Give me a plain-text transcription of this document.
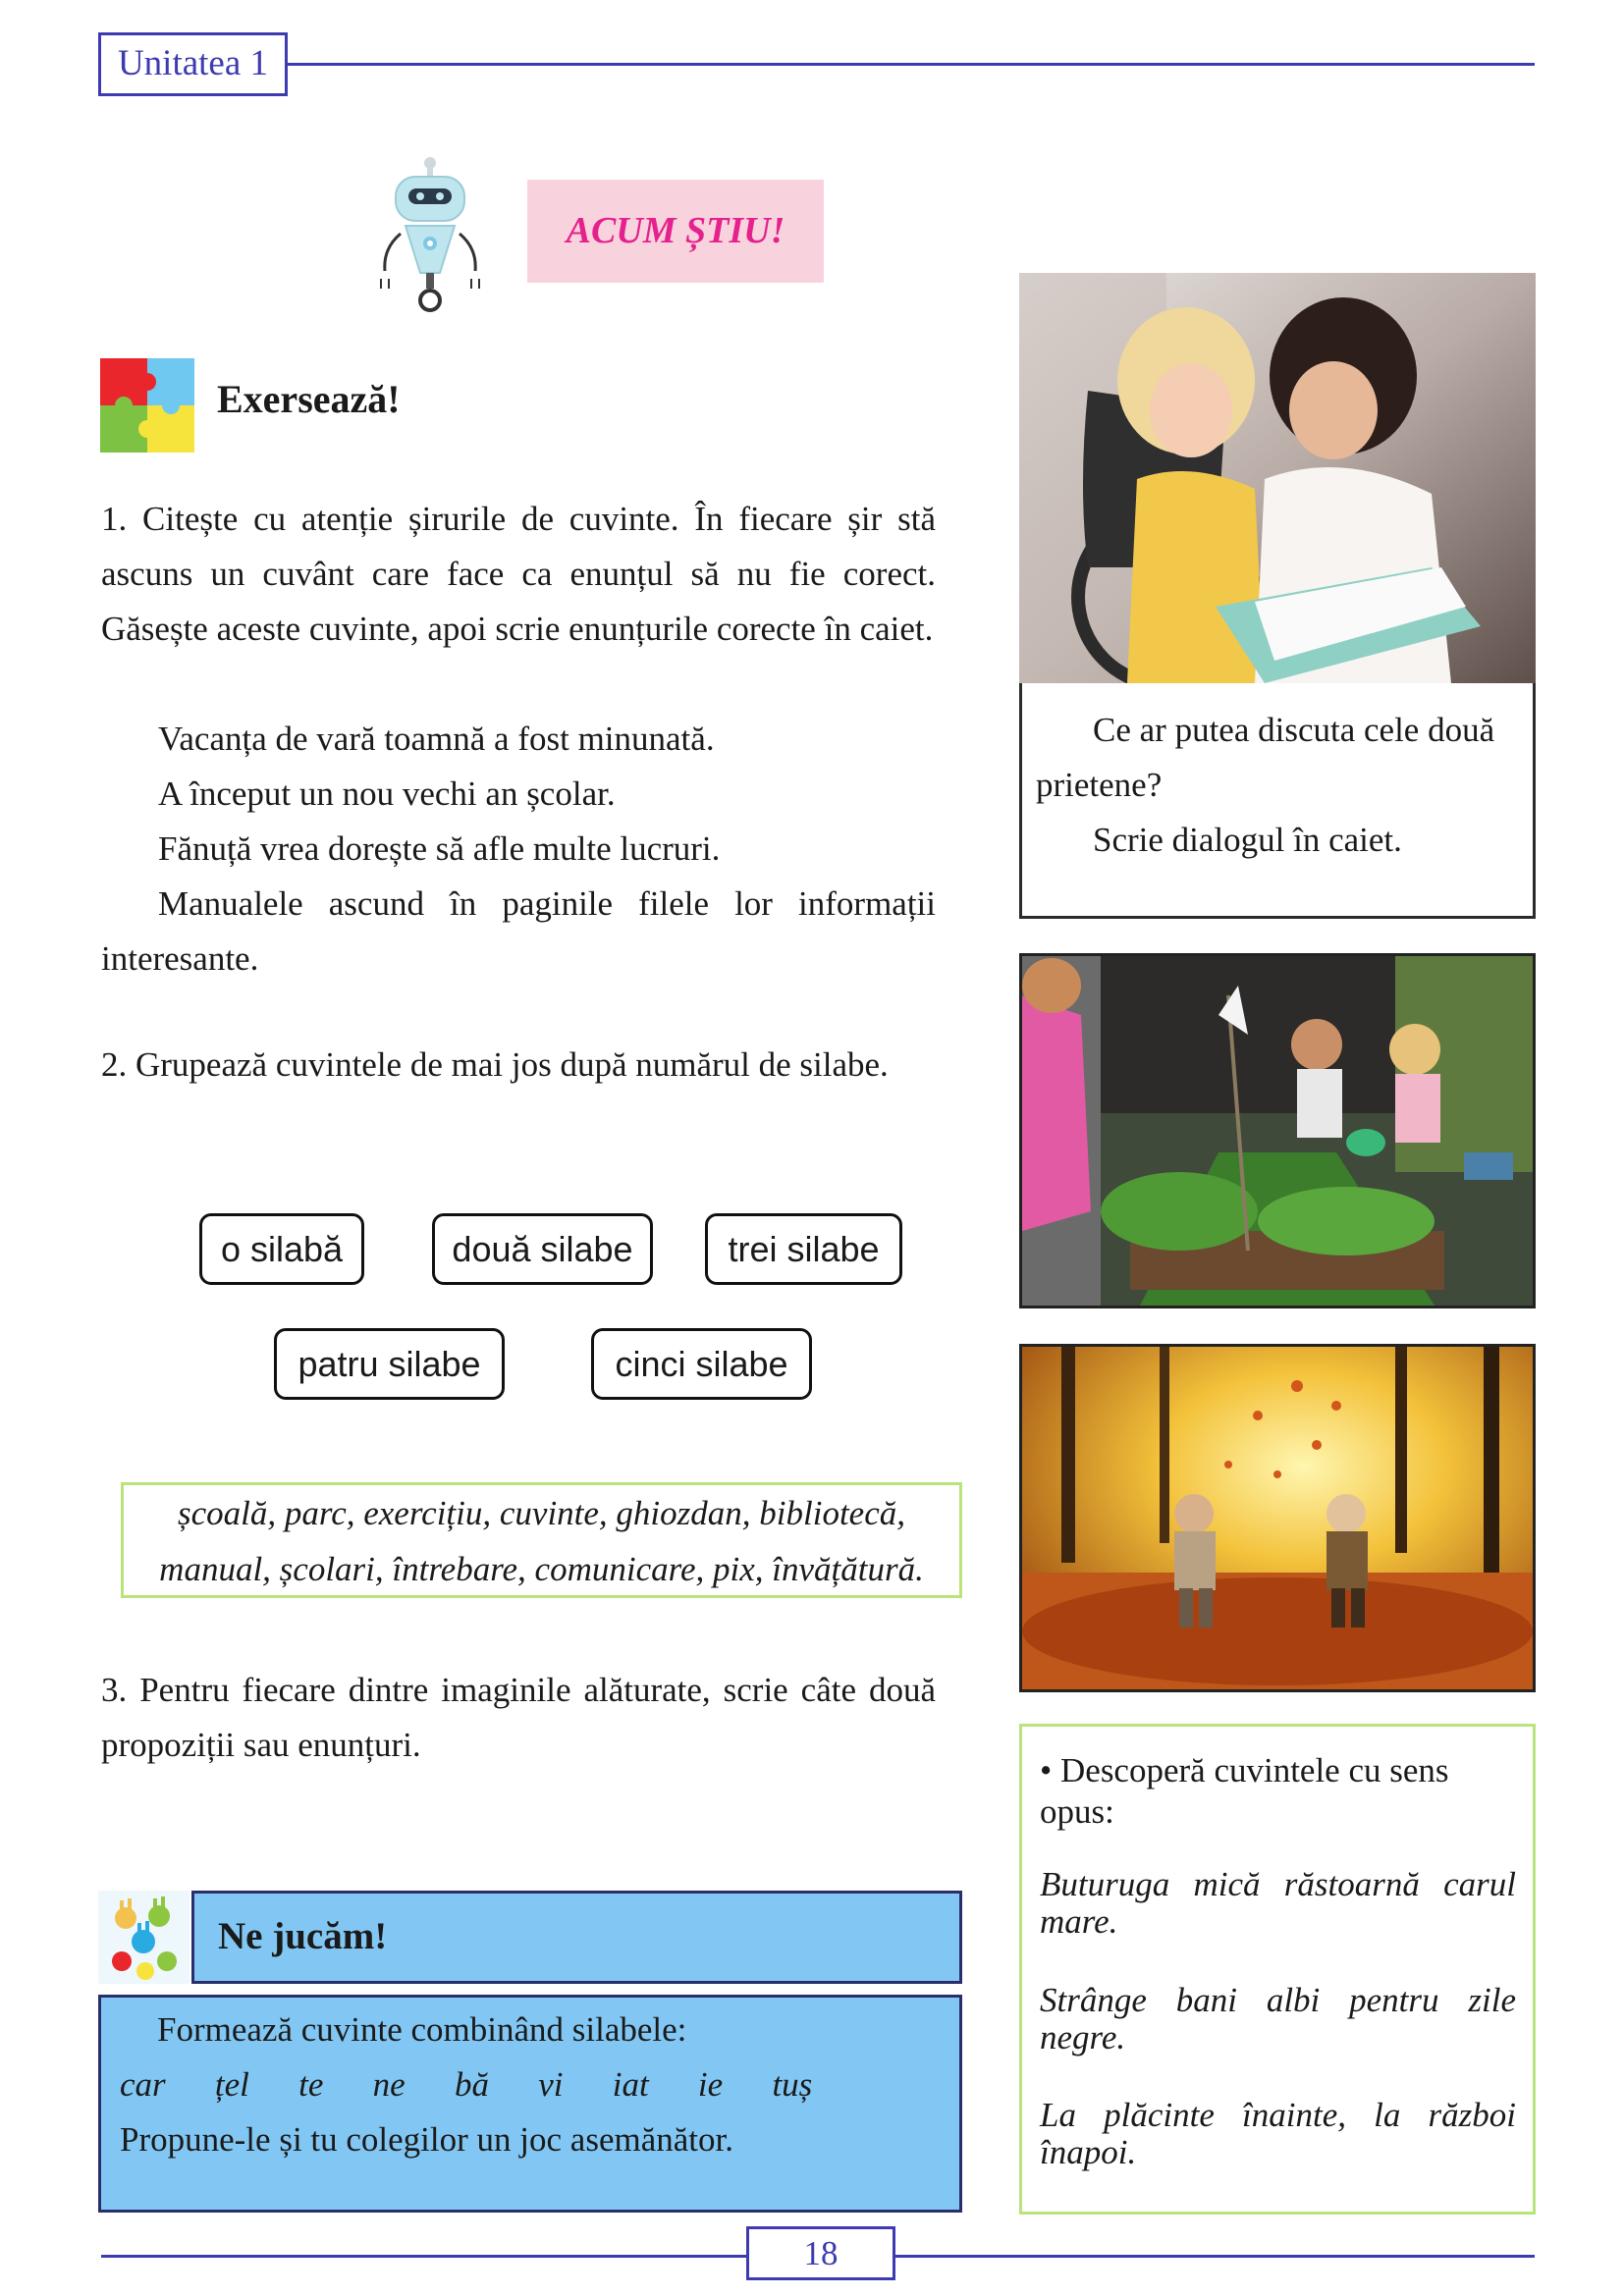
Unitatea 1
ACUM ȘTIU!
Exersează!
1. Citește cu atenție șirurile de cuvinte. În fiecare șir stă ascuns un cuvânt care face ca enunțul să nu fie corect. Găsește aceste cuvinte, apoi scrie enunțurile corecte în caiet.
Vacanța de vară toamnă a fost minunată.
A început un nou vechi an școlar.
Fănuță vrea dorește să afle multe lucruri.
Manualele ascund în paginile filele lor informații interesante.
2. Grupează cuvintele de mai jos după numărul de silabe.
o silabă	două silabe	trei silabe
patru silabe	cinci silabe
școală, parc, exercițiu, cuvinte, ghiozdan, bibliotecă,
manual, școlari, întrebare, comunicare, pix, învățătură.
3. Pentru fiecare dintre imaginile alăturate, scrie câte două propoziții sau enunțuri.
Ne jucăm!
Formează cuvinte combinând silabele:
car țel te ne bă vi iat ie tuș
Propune-le și tu colegilor un joc asemănător.
Ce ar putea discuta cele două prietene?
Scrie dialogul în caiet.
• Descoperă cuvintele cu sens opus:
Buturuga mică răstoarnă carul mare.
Strânge bani albi pentru zile negre.
La plăcinte înainte, la război înapoi.
18
